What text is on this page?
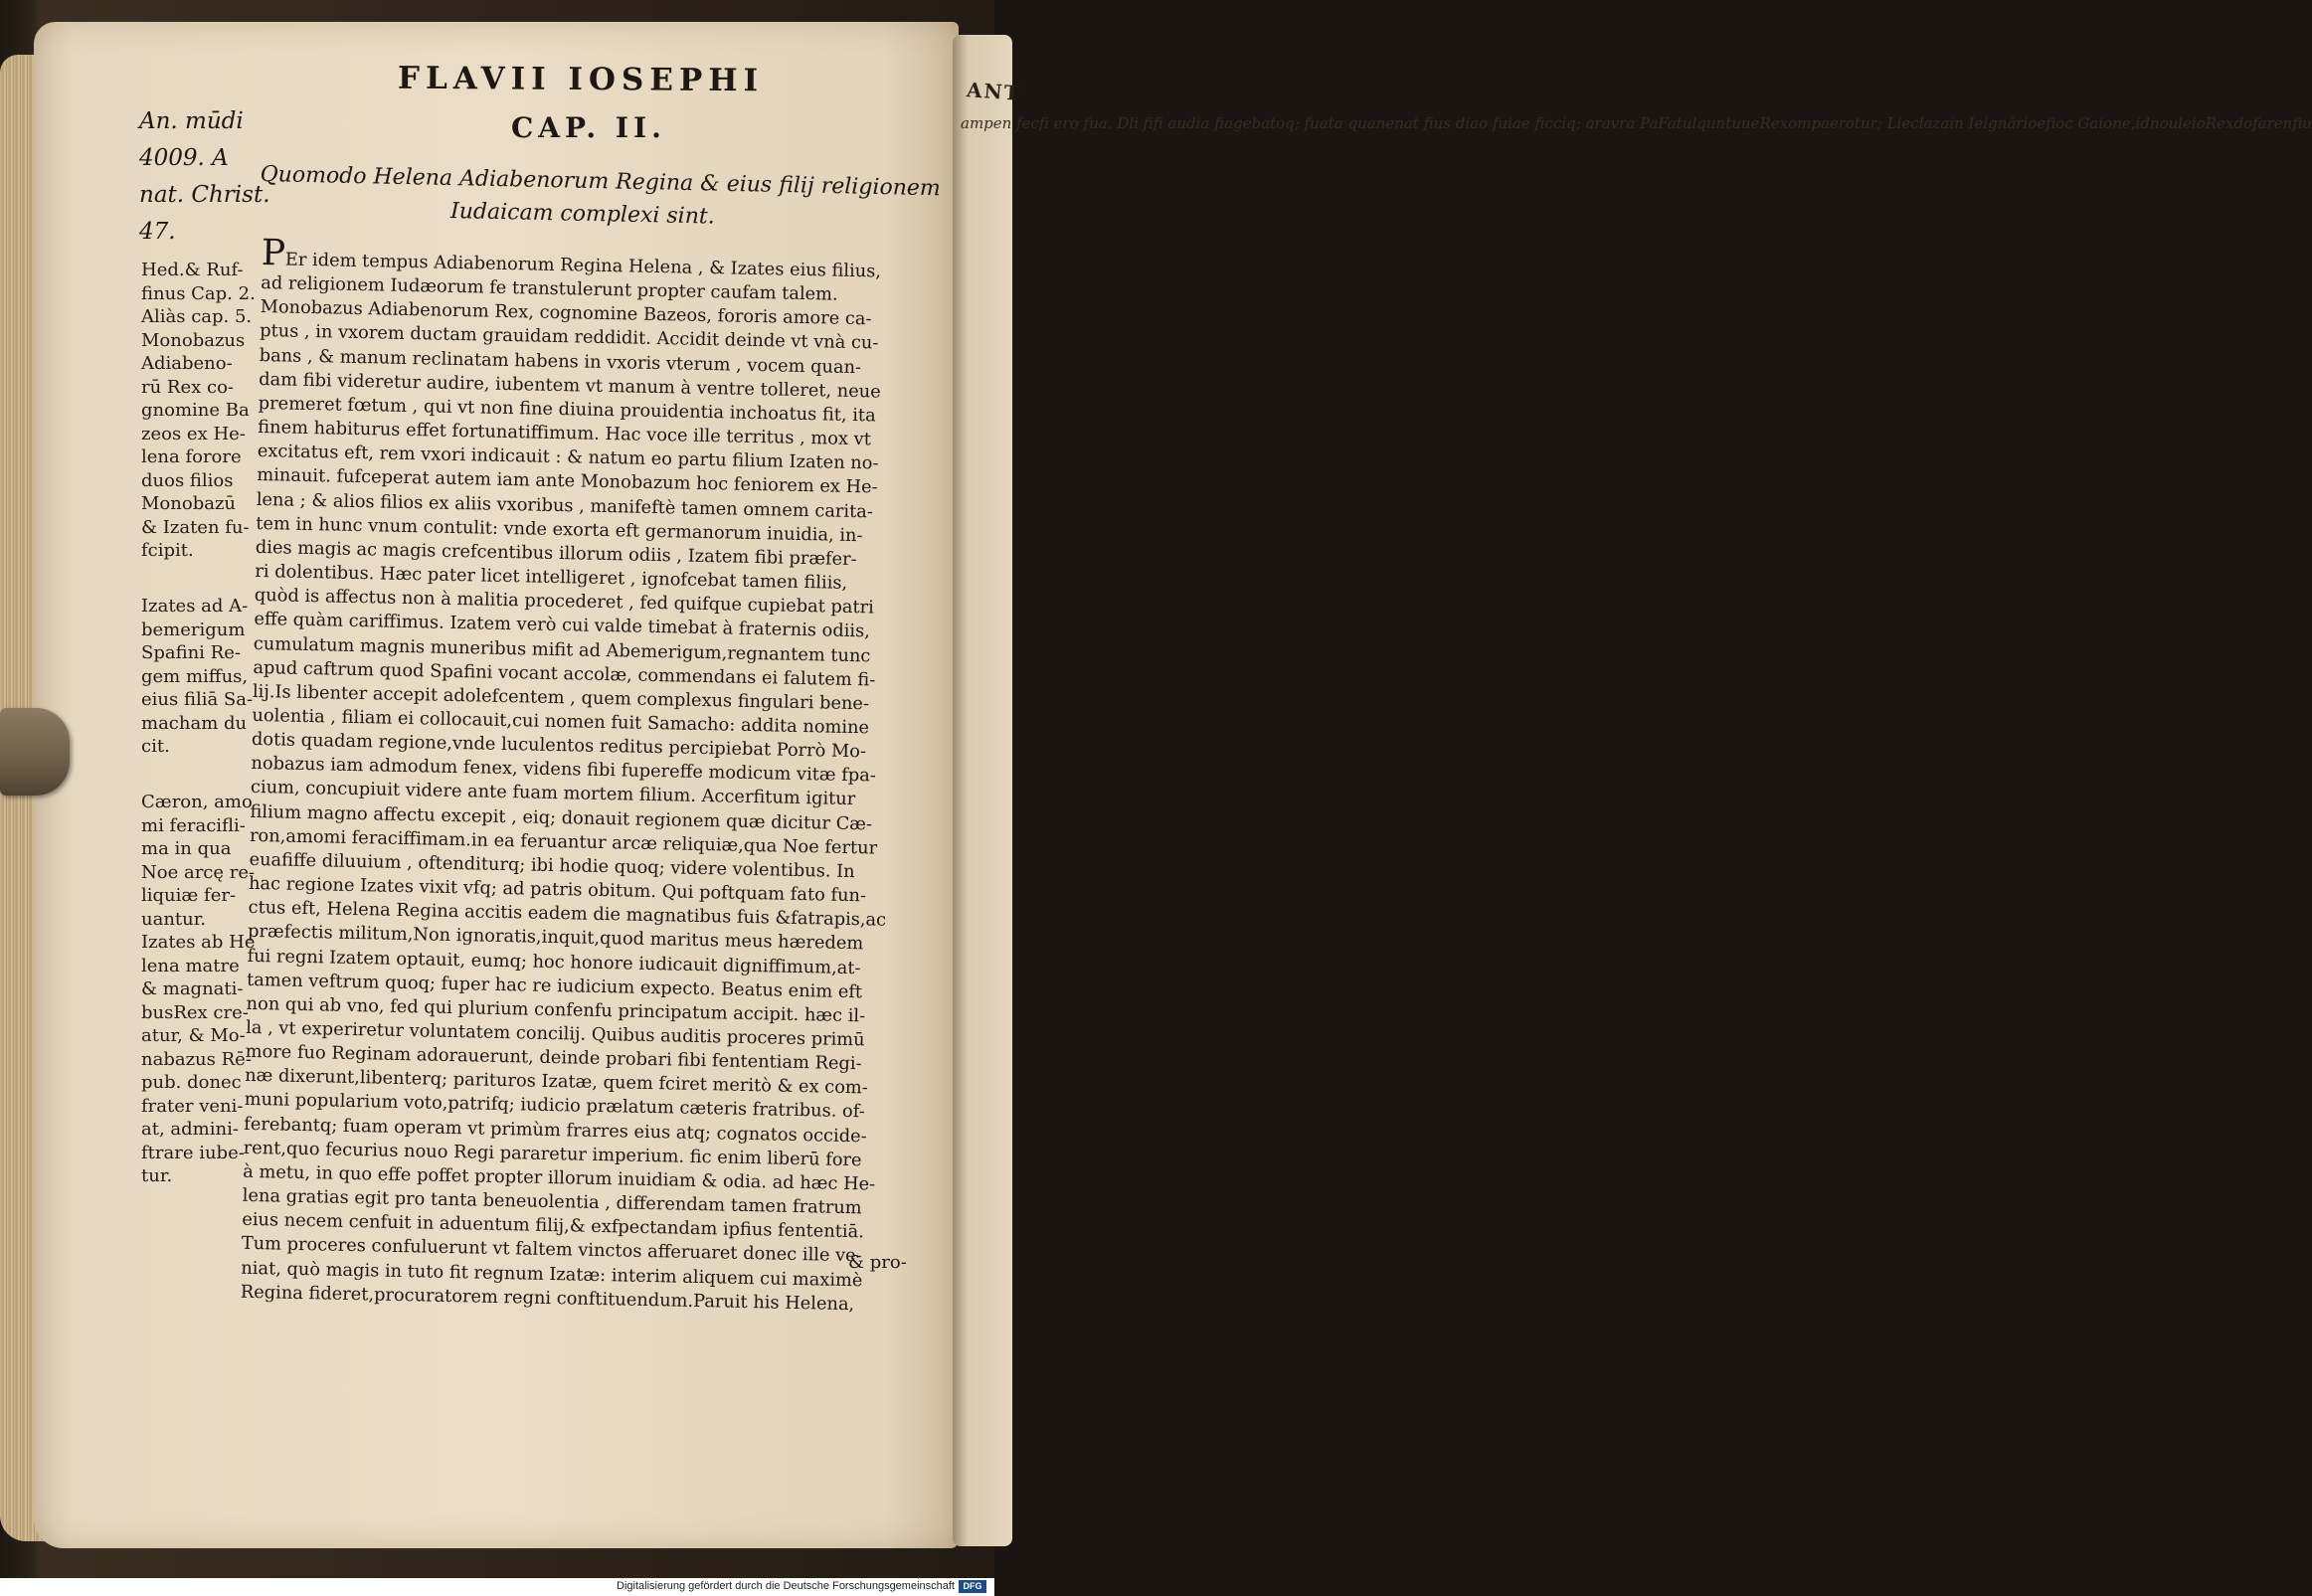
ANT
ampen fecfi ero fua. Dli fifi audia fiagebatoq; fuata quanenat fius diao fuiae ficciq; aravra PaFatulquntuueRexompaerotur; Lieclazain Ieignârioefioc Gaione,idnouleioRexdofarenfiu
FLAVII IOSEPHI
CAP. II.
Quomodo Helena Adiabenorum Regina & eius filij religionem
Iudaicam complexi sint.
An. mūdi
4009. A
nat. Christ.
47.
Hed.& Ruf-
finus Cap. 2.
Aliàs cap. 5.
Monobazus
Adiabeno-
rū Rex co-
gnomine Ba
zeos ex He-
lena forore
duos filios
Monobazū
& Izaten fu-
fcipit.
Izates ad A-
bemerigum
Spafini Re-
gem miffus,
eius filiā Sa-
macham du
cit.
Cæron, amo
mi feracifli-
ma in qua
Noe arcę re-
liquiæ fer-
uantur.
Izates ab He
lena matre
& magnati-
busRex cre-
atur, & Mo-
nabazus Rē-
pub. donec
frater veni-
at, admini-
ftrare iube-
tur.
PEr idem tempus Adiabenorum Regina Helena , & Izates eius filius,
ad religionem Iudæorum fe transtulerunt propter caufam talem.
Monobazus Adiabenorum Rex, cognomine Bazeos, fororis amore ca-
ptus , in vxorem ductam grauidam reddidit. Accidit deinde vt vnà cu-
bans , & manum reclinatam habens in vxoris vterum , vocem quan-
dam fibi videretur audire, iubentem vt manum à ventre tolleret, neue
premeret fœtum , qui vt non fine diuina prouidentia inchoatus fit, ita
finem habiturus effet fortunatiffimum. Hac voce ille territus , mox vt
excitatus eft, rem vxori indicauit : & natum eo partu filium Izaten no-
minauit. fufceperat autem iam ante Monobazum hoc feniorem ex He-
lena ; & alios filios ex aliis vxoribus , manifeftè tamen omnem carita-
tem in hunc vnum contulit: vnde exorta eft germanorum inuidia, in-
dies magis ac magis crefcentibus illorum odiis , Izatem fibi præfer-
ri dolentibus. Hæc pater licet intelligeret , ignofcebat tamen filiis,
quòd is affectus non à malitia procederet , fed quifque cupiebat patri
effe quàm cariffimus. Izatem verò cui valde timebat à fraternis odiis,
cumulatum magnis muneribus mifit ad Abemerigum,regnantem tunc
apud caftrum quod Spafini vocant accolæ, commendans ei falutem fi-
lij.Is libenter accepit adolefcentem , quem complexus fingulari bene-
uolentia , filiam ei collocauit,cui nomen fuit Samacho: addita nomine
dotis quadam regione,vnde luculentos reditus percipiebat Porrò Mo-
nobazus iam admodum fenex, videns fibi fupereffe modicum vitæ fpa-
cium, concupiuit videre ante fuam mortem filium. Accerfitum igitur
filium magno affectu excepit , eiq; donauit regionem quæ dicitur Cæ-
ron,amomi feraciffimam.in ea feruantur arcæ reliquiæ,qua Noe fertur
euafiffe diluuium , oftenditurq; ibi hodie quoq; videre volentibus. In
hac regione Izates vixit vfq; ad patris obitum. Qui poftquam fato fun-
ctus eft, Helena Regina accitis eadem die magnatibus fuis &fatrapis,ac
præfectis militum,Non ignoratis,inquit,quod maritus meus hæredem
fui regni Izatem optauit, eumq; hoc honore iudicauit digniffimum,at-
tamen veftrum quoq; fuper hac re iudicium expecto. Beatus enim eft
non qui ab vno, fed qui plurium confenfu principatum accipit. hæc il-
la , vt experiretur voluntatem concilij. Quibus auditis proceres primū
more fuo Reginam adorauerunt, deinde probari fibi fententiam Regi-
næ dixerunt,libenterq; parituros Izatæ, quem fciret meritò & ex com-
muni popularium voto,patrifq; iudicio prælatum cæteris fratribus. of-
ferebantq; fuam operam vt primùm frarres eius atq; cognatos occide-
rent,quo fecurius nouo Regi pararetur imperium. fic enim liberū fore
à metu, in quo effe poffet propter illorum inuidiam & odia. ad hæc He-
lena gratias egit pro tanta beneuolentia , differendam tamen fratrum
eius necem cenfuit in aduentum filij,& exfpectandam ipfius fententiā.
Tum proceres confuluerunt vt faltem vinctos afferuaret donec ille ve-
niat, quò magis in tuto fit regnum Izatæ: interim aliquem cui maximè
Regina fideret,procuratorem regni conftituendum.Paruit his Helena,
& pro-
Digitalisierung gefördert durch die Deutsche Forschungsgemeinschaft DFG
